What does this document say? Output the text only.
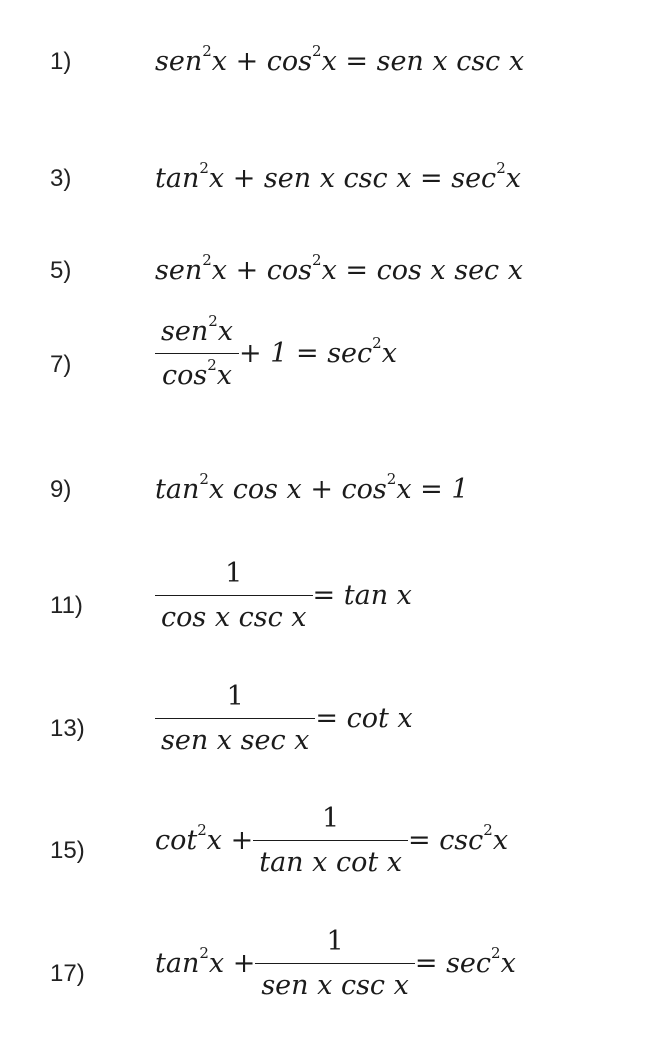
1)	$sen^2x + \cos^2x$ = sen x csc x
3)	$\tan^2x$ + sen x $\csc x = \sec^2x$
5)	$sen^2x + \cos^2x = \cos x$ sec x
7)	$\frac{sen^2x}{\cos^2x} + 1 = \sec^2x$
9)	$\tan^2x$ $\cos x + \cos^2x = 1$
11)	$\frac{1}{\text{cos x csc x}} = \tan x$
13)	$\frac{1}{\text{sen x sec x}} = \cot x$
15)	$\cot^2x + \frac{1}{\text{tan x cot x}} = \csc^2x$
17)	$\tan^2x + \frac{1}{\text{sen x csc x}} = \sec^2x$
